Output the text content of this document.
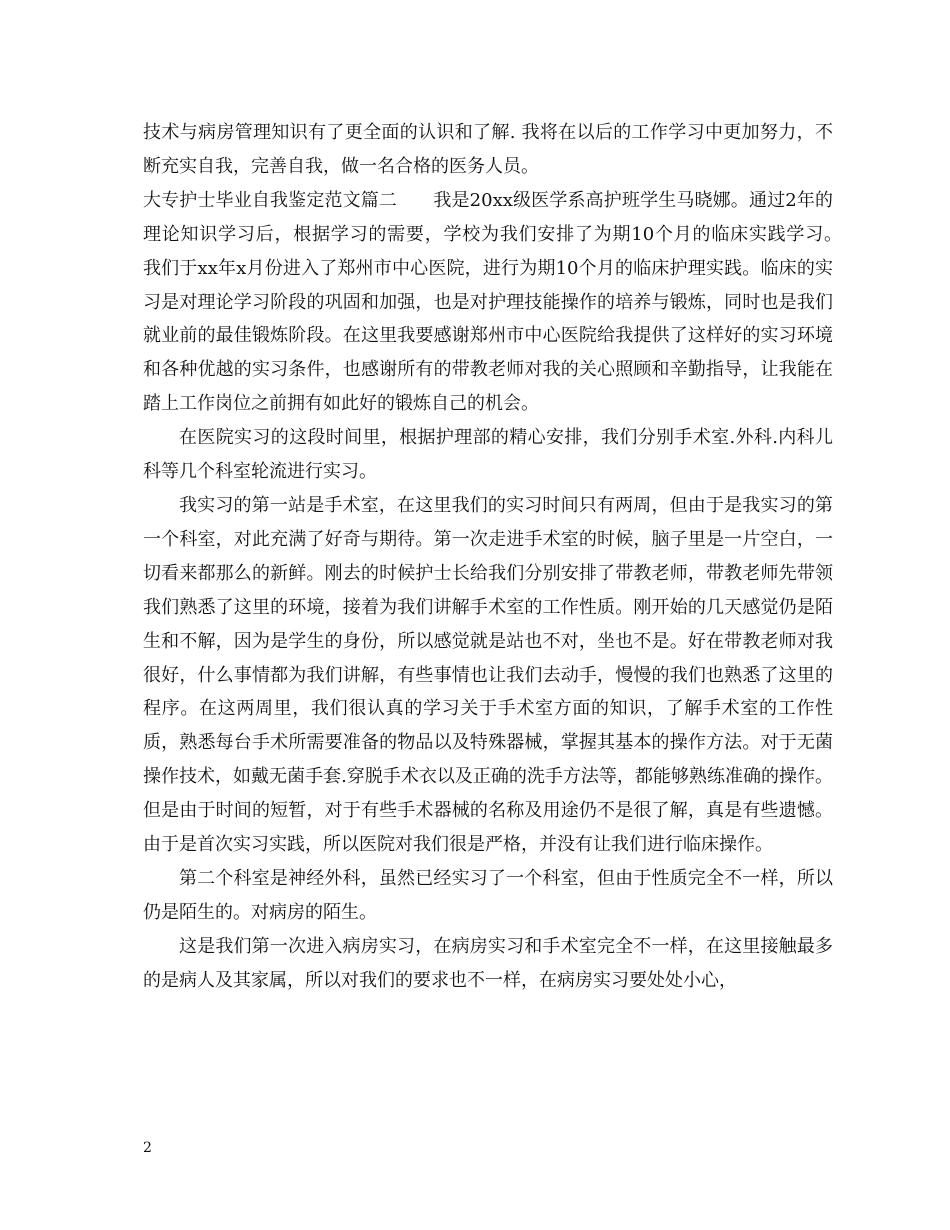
技术与病房管理知识有了更全面的认识和了解. 我将在以后的工作学习中更加努力，不断充实自我，完善自我，做一名合格的医务人员。

大专护士毕业自我鉴定范文篇二　　我是20xx级医学系高护班学生马晓娜。通过2年的理论知识学习后，根据学习的需要，学校为我们安排了为期10个月的临床实践学习。　我们于xx年x月份进入了郑州市中心医院，进行为期10个月的临床护理实践。临床的实习是对理论学习阶段的巩固和加强，也是对护理技能操作的培养与锻炼，同时也是我们就业前的最佳锻炼阶段。在这里我要感谢郑州市中心医院给我提供了这样好的实习环境和各种优越的实习条件，也感谢所有的带教老师对我的关心照顾和辛勤指导，让我能在踏上工作岗位之前拥有如此好的锻炼自己的机会。

在医院实习的这段时间里，根据护理部的精心安排，我们分别手术室.外科.内科儿科等几个科室轮流进行实习。

我实习的第一站是手术室，在这里我们的实习时间只有两周，但由于是我实习的第一个科室，对此充满了好奇与期待。第一次走进手术室的时候，脑子里是一片空白，一切看来都那么的新鲜。刚去的时候护士长给我们分别安排了带教老师，带教老师先带领我们熟悉了这里的环境，接着为我们讲解手术室的工作性质。刚开始的几天感觉仍是陌生和不解，因为是学生的身份，所以感觉就是站也不对，坐也不是。好在带教老师对我很好，什么事情都为我们讲解，有些事情也让我们去动手，慢慢的我们也熟悉了这里的程序。在这两周里，我们很认真的学习关于手术室方面的知识，了解手术室的工作性质，熟悉每台手术所需要准备的物品以及特殊器械，掌握其基本的操作方法。对于无菌操作技术，如戴无菌手套.穿脱手术衣以及正确的洗手方法等，都能够熟练准确的操作。但是由于时间的短暂，对于有些手术器械的名称及用途仍不是很了解，真是有些遗憾。由于是首次实习实践，所以医院对我们很是严格，并没有让我们进行临床操作。

第二个科室是神经外科，虽然已经实习了一个科室，但由于性质完全不一样，所以仍是陌生的。对病房的陌生。

这是我们第一次进入病房实习，在病房实习和手术室完全不一样，在这里接触最多的是病人及其家属，所以对我们的要求也不一样，在病房实习要处处小心，

2
